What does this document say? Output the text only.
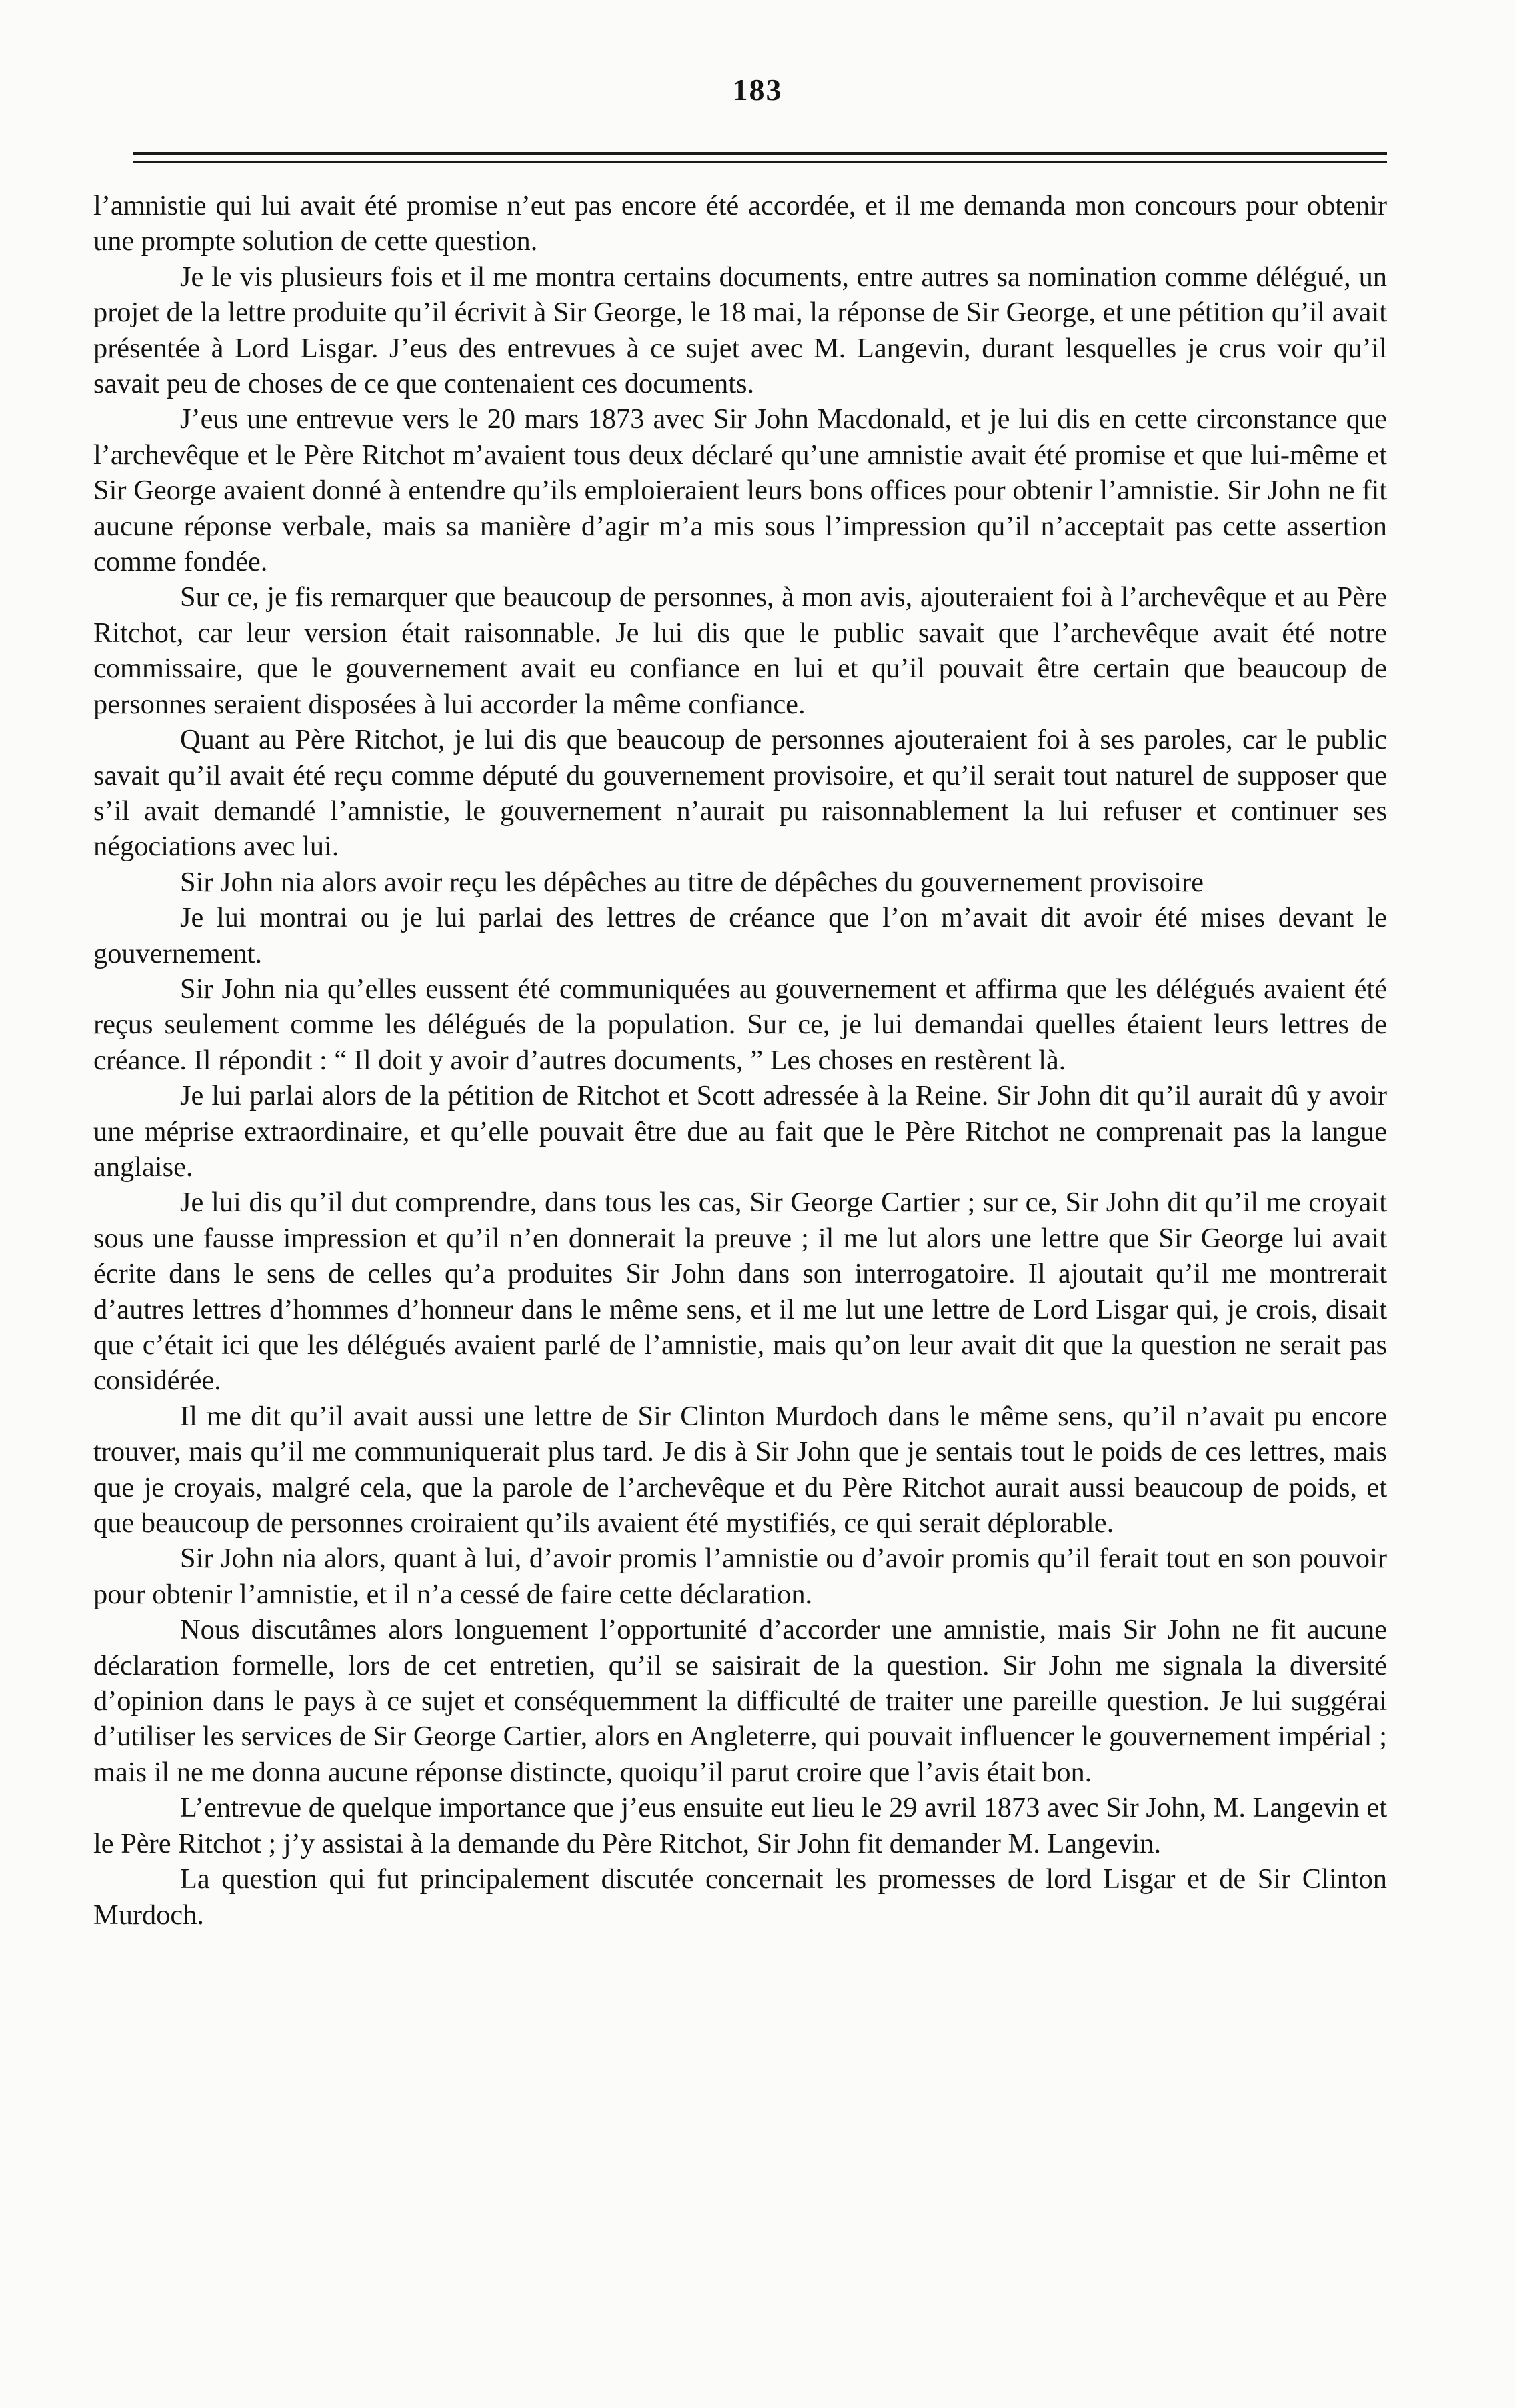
183

l’amnistie qui lui avait été promise n’eut pas encore été accordée, et il me demanda mon concours pour obtenir une prompte solution de cette question.

Je le vis plusieurs fois et il me montra certains documents, entre autres sa nomination comme délégué, un projet de la lettre produite qu’il écrivit à Sir George, le 18 mai, la réponse de Sir George, et une pétition qu’il avait présentée à Lord Lisgar. J’eus des entrevues à ce sujet avec M. Langevin, durant lesquelles je crus voir qu’il savait peu de choses de ce que contenaient ces documents.

J’eus une entrevue vers le 20 mars 1873 avec Sir John Macdonald, et je lui dis en cette circonstance que l’archevêque et le Père Ritchot m’avaient tous deux déclaré qu’une amnistie avait été promise et que lui-même et Sir George avaient donné à entendre qu’ils emploieraient leurs bons offices pour obtenir l’amnistie. Sir John ne fit aucune réponse verbale, mais sa manière d’agir m’a mis sous l’impression qu’il n’acceptait pas cette assertion comme fondée.

Sur ce, je fis remarquer que beaucoup de personnes, à mon avis, ajouteraient foi à l’archevêque et au Père Ritchot, car leur version était raisonnable. Je lui dis que le public savait que l’archevêque avait été notre commissaire, que le gouvernement avait eu confiance en lui et qu’il pouvait être certain que beaucoup de personnes seraient disposées à lui accorder la même confiance.

Quant au Père Ritchot, je lui dis que beaucoup de personnes ajouteraient foi à ses paroles, car le public savait qu’il avait été reçu comme député du gouvernement provisoire, et qu’il serait tout naturel de supposer que s’il avait demandé l’amnistie, le gouvernement n’aurait pu raisonnablement la lui refuser et continuer ses négociations avec lui.

Sir John nia alors avoir reçu les dépêches au titre de dépêches du gouvernement provisoire

Je lui montrai ou je lui parlai des lettres de créance que l’on m’avait dit avoir été mises devant le gouvernement.

Sir John nia qu’elles eussent été communiquées au gouvernement et affirma que les délégués avaient été reçus seulement comme les délégués de la population. Sur ce, je lui demandai quelles étaient leurs lettres de créance. Il répondit : “ Il doit y avoir d’autres documents, ” Les choses en restèrent là.

Je lui parlai alors de la pétition de Ritchot et Scott adressée à la Reine. Sir John dit qu’il aurait dû y avoir une méprise extraordinaire, et qu’elle pouvait être due au fait que le Père Ritchot ne comprenait pas la langue anglaise.

Je lui dis qu’il dut comprendre, dans tous les cas, Sir George Cartier ; sur ce, Sir John dit qu’il me croyait sous une fausse impression et qu’il n’en donnerait la preuve ; il me lut alors une lettre que Sir George lui avait écrite dans le sens de celles qu’a produites Sir John dans son interrogatoire. Il ajoutait qu’il me montrerait d’autres lettres d’hommes d’honneur dans le même sens, et il me lut une lettre de Lord Lisgar qui, je crois, disait que c’était ici que les délégués avaient parlé de l’amnistie, mais qu’on leur avait dit que la question ne serait pas considérée.

Il me dit qu’il avait aussi une lettre de Sir Clinton Murdoch dans le même sens, qu’il n’avait pu encore trouver, mais qu’il me communiquerait plus tard. Je dis à Sir John que je sentais tout le poids de ces lettres, mais que je croyais, malgré cela, que la parole de l’archevêque et du Père Ritchot aurait aussi beaucoup de poids, et que beaucoup de personnes croiraient qu’ils avaient été mystifiés, ce qui serait déplorable.

Sir John nia alors, quant à lui, d’avoir promis l’amnistie ou d’avoir promis qu’il ferait tout en son pouvoir pour obtenir l’amnistie, et il n’a cessé de faire cette déclaration.

Nous discutâmes alors longuement l’opportunité d’accorder une amnistie, mais Sir John ne fit aucune déclaration formelle, lors de cet entretien, qu’il se saisirait de la question. Sir John me signala la diversité d’opinion dans le pays à ce sujet et conséquemment la difficulté de traiter une pareille question. Je lui suggérai d’utiliser les services de Sir George Cartier, alors en Angleterre, qui pouvait influencer le gouvernement impérial ; mais il ne me donna aucune réponse distincte, quoiqu’il parut croire que l’avis était bon.

L’entrevue de quelque importance que j’eus ensuite eut lieu le 29 avril 1873 avec Sir John, M. Langevin et le Père Ritchot ; j’y assistai à la demande du Père Ritchot, Sir John fit demander M. Langevin.

La question qui fut principalement discutée concernait les promesses de lord Lisgar et de Sir Clinton Murdoch.
